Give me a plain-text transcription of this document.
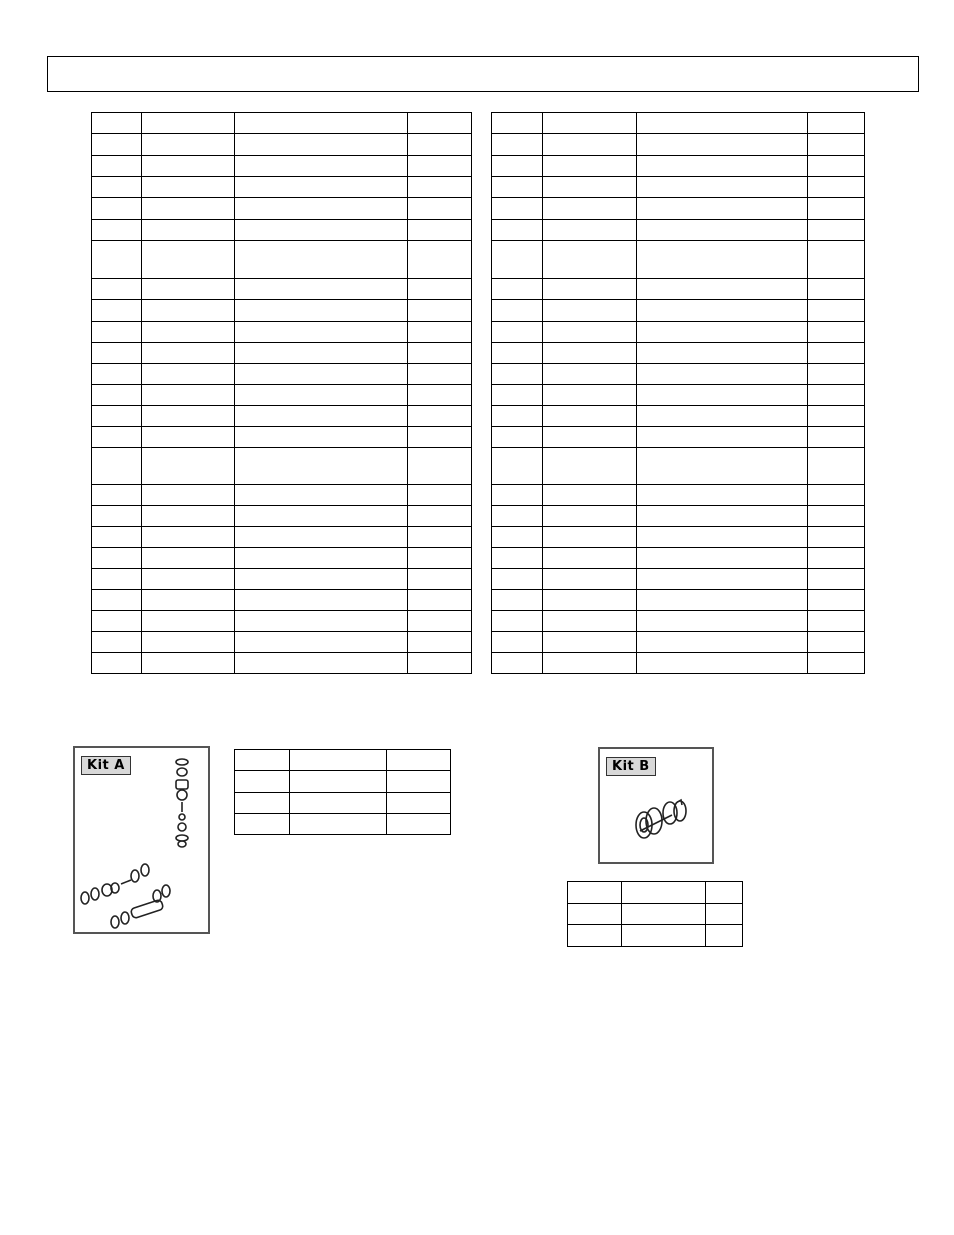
Kit A

			Kit B
